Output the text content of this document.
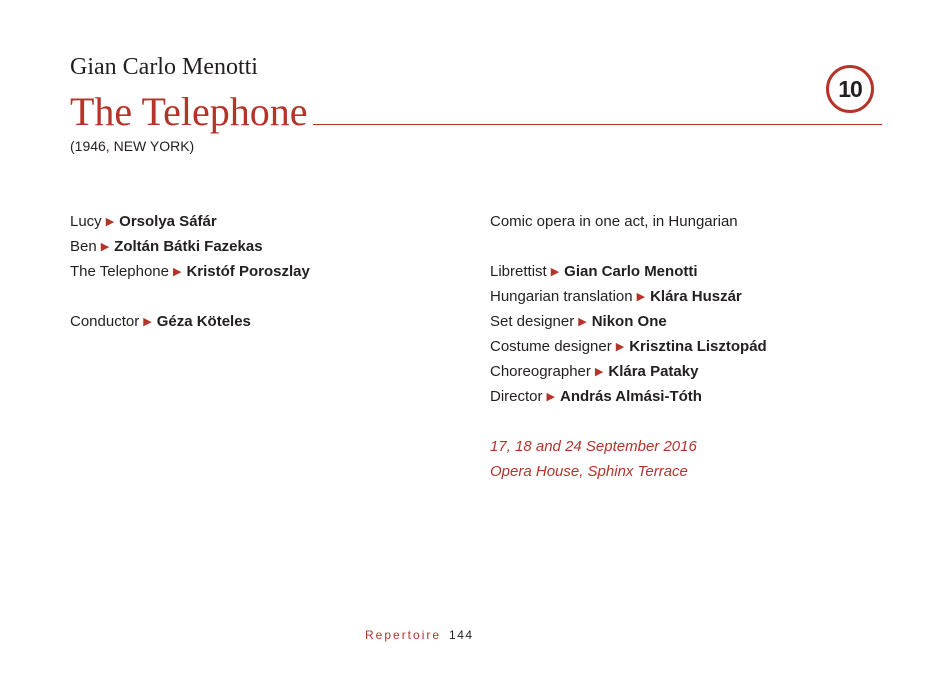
Gian Carlo Menotti
The Telephone
10
(1946, NEW YORK)
Lucy ▶ Orsolya Sáfár
Ben ▶ Zoltán Bátki Fazekas
The Telephone ▶ Kristóf Poroszlay
Conductor ▶ Géza Köteles
Comic opera in one act, in Hungarian
Librettist ▶ Gian Carlo Menotti
Hungarian translation ▶ Klára Huszár
Set designer ▶ Nikon One
Costume designer ▶ Krisztina Lisztopád
Choreographer ▶ Klára Pataky
Director ▶ András Almási-Tóth
17, 18 and 24 September 2016
Opera House, Sphinx Terrace
Repertoire 144
